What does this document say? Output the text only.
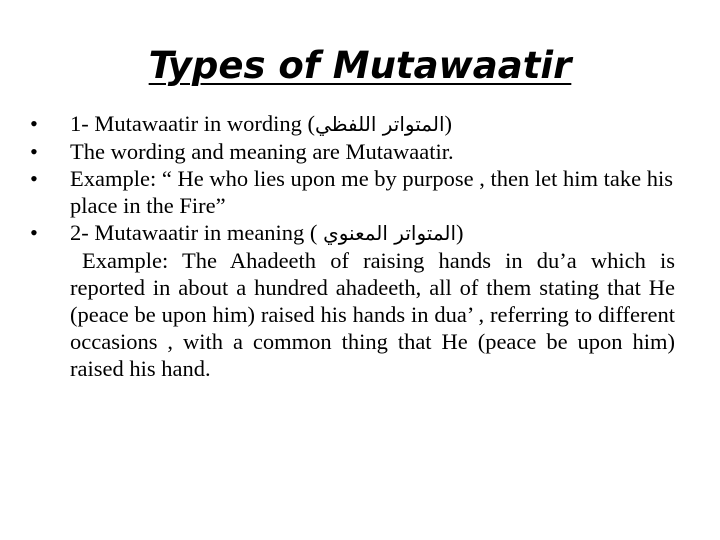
Types of Mutawaatir

•	1- Mutawaatir in wording (المتواتر اللفظي)

•	The wording and meaning are Mutawaatir.

•	Example: “ He who lies upon me by purpose , then let him take his place in the Fire”

•	2- Mutawaatir in meaning ( المتواتر المعنوي)

Example: The Ahadeeth of raising hands in du’a which is reported in about a hundred ahadeeth, all of them stating that He (peace be upon him) raised his hands in dua’ , referring to different occasions , with a common thing that He (peace be upon him) raised his hand.
